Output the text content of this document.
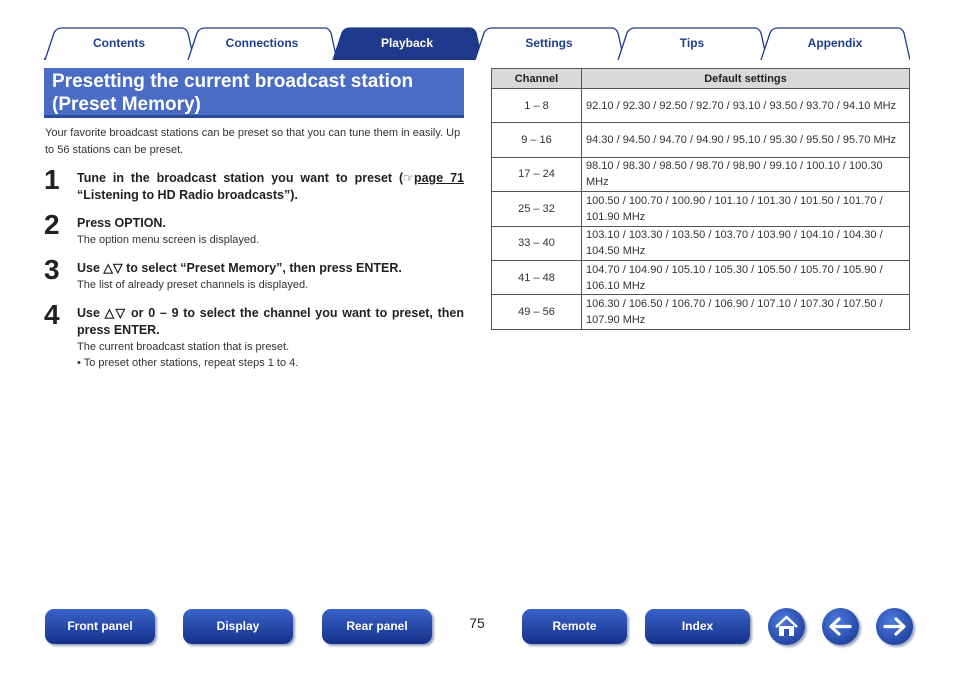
Contents	Connections	Playback	Settings	Tips	Appendix
Presetting the current broadcast station
(Preset Memory)

Your favorite broadcast stations can be preset so that you can tune them in easily. Up to 56 stations can be preset.

1 Tune in the broadcast station you want to preset (☞page 71 “Listening to HD Radio broadcasts”).
2 Press OPTION.
The option menu screen is displayed.
3 Use △▽ to select “Preset Memory”, then press ENTER.
The list of already preset channels is displayed.
4 Use △▽ or 0 – 9 to select the channel you want to preset, then press ENTER.
The current broadcast station that is preset.
• To preset other stations, repeat steps 1 to 4.
Channel	Default settings
1 – 8	92.10 / 92.30 / 92.50 / 92.70 / 93.10 / 93.50 / 93.70 / 94.10 MHz
9 – 16	94.30 / 94.50 / 94.70 / 94.90 / 95.10 / 95.30 / 95.50 / 95.70 MHz
17 – 24	98.10 / 98.30 / 98.50 / 98.70 / 98.90 / 99.10 / 100.10 / 100.30 MHz
25 – 32	100.50 / 100.70 / 100.90 / 101.10 / 101.30 / 101.50 / 101.70 / 101.90 MHz
33 – 40	103.10 / 103.30 / 103.50 / 103.70 / 103.90 / 104.10 / 104.30 / 104.50 MHz
41 – 48	104.70 / 104.90 / 105.10 / 105.30 / 105.50 / 105.70 / 105.90 / 106.10 MHz
49 – 56	106.30 / 106.50 / 106.70 / 106.90 / 107.10 / 107.30 / 107.50 / 107.90 MHz
Front panel	Display	Rear panel	75	Remote	Index
